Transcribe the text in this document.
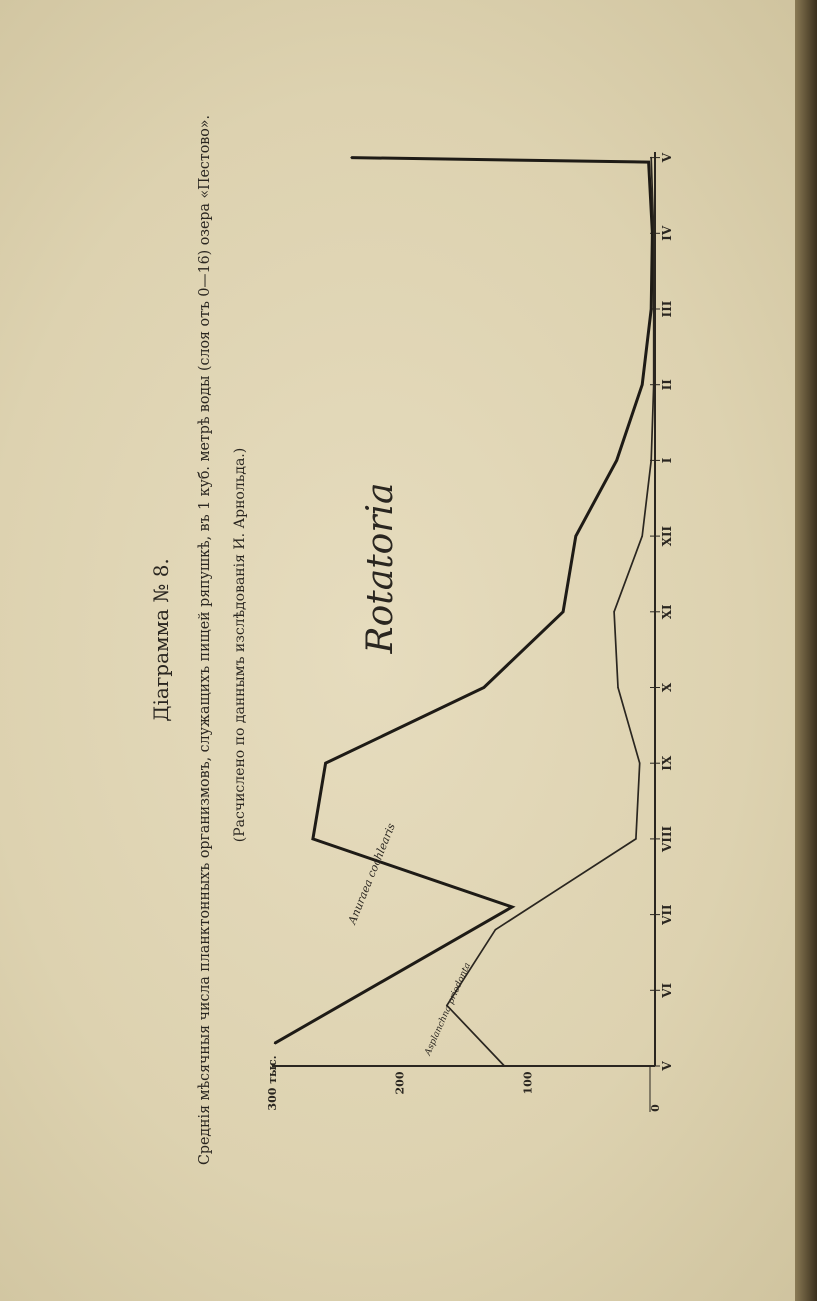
Діаграмма № 8. Среднія мѣсячныя числа планктонныхъ организмовъ, служащихъ пищей ряпушкѣ, въ 1 куб. метрѣ воды (слоя отъ 0—16) озера «Пестово». (Расчислено по даннымъ изслѣдованія И. Арнольда.)	Rotatoria
V
VI
VII
VIII
IX
X
XI
XII
I
II
III
IV
V
300 тыс.	200	100
0
Anuraea cochlearis
Asplanchna priodonta
